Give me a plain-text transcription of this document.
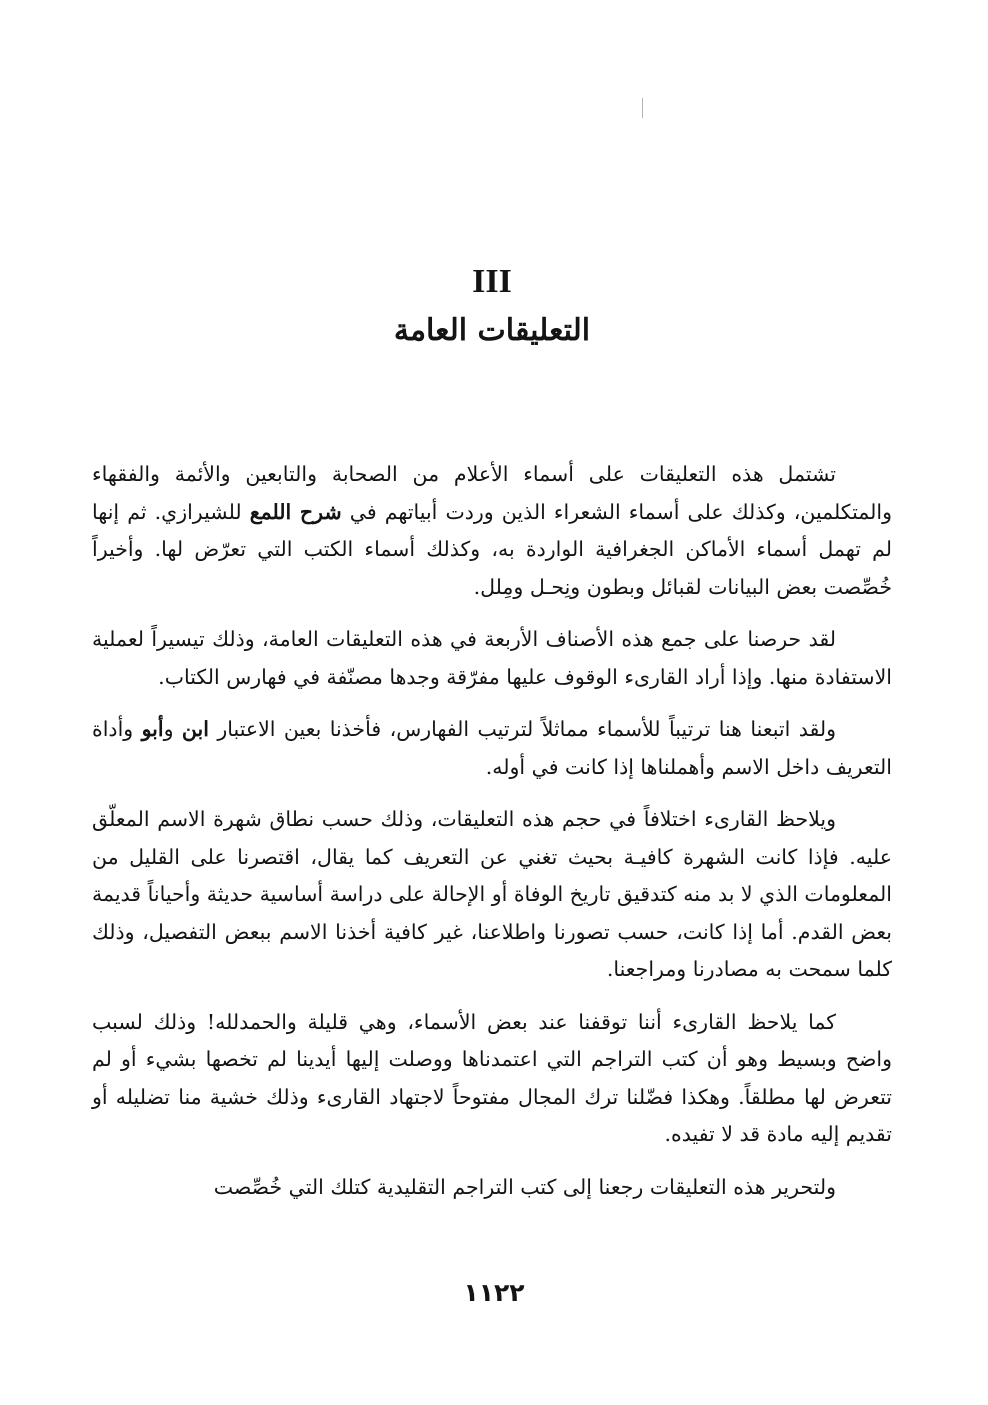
III
التعليقات العامة

تشتمل هذه التعليقات على أسماء الأعلام من الصحابة والتابعين والأئمة والفقهاء والمتكلمين، وكذلك على أسماء الشعراء الذين وردت أبياتهم في شرح اللمع للشيرازي. ثم إنها لم تهمل أسماء الأماكن الجغرافية الواردة به، وكذلك أسماء الكتب التي تعرّض لها. وأخيراً خُصِّصت بعض البيانات لقبائل وبطون ونِحـل ومِلل.

لقد حرصنا على جمع هذه الأصناف الأربعة في هذه التعليقات العامة، وذلك تيسيراً لعملية الاستفادة منها. وإذا أراد القارىء الوقوف عليها مفرّقة وجدها مصنّفة في فهارس الكتاب.

ولقد اتبعنا هنا ترتيباً للأسماء مماثلاً لترتيب الفهارس، فأخذنا بعين الاعتبار ابن وأبو وأداة التعريف داخل الاسم وأهملناها إذا كانت في أوله.

ويلاحظ القارىء اختلافاً في حجم هذه التعليقات، وذلك حسب نطاق شهرة الاسم المعلّق عليه. فإذا كانت الشهرة كافيـة بحيث تغني عن التعريف كما يقال، اقتصرنا على القليل من المعلومات الذي لا بد منه كتدقيق تاريخ الوفاة أو الإحالة على دراسة أساسية حديثة وأحياناً قديمة بعض القدم. أما إذا كانت، حسب تصورنا واطلاعنا، غير كافية أخذنا الاسم ببعض التفصيل، وذلك كلما سمحت به مصادرنا ومراجعنا.

كما يلاحظ القارىء أننا توقفنا عند بعض الأسماء، وهي قليلة والحمدلله! وذلك لسبب واضح وبسيط وهو أن كتب التراجم التي اعتمدناها ووصلت إليها أيدينا لم تخصها بشيء أو لم تتعرض لها مطلقاً. وهكذا فضّلنا ترك المجال مفتوحاً لاجتهاد القارىء وذلك خشية منا تضليله أو تقديم إليه مادة قد لا تفيده.

ولتحرير هذه التعليقات رجعنا إلى كتب التراجم التقليدية كتلك التي خُصِّصت

١١٢٢
